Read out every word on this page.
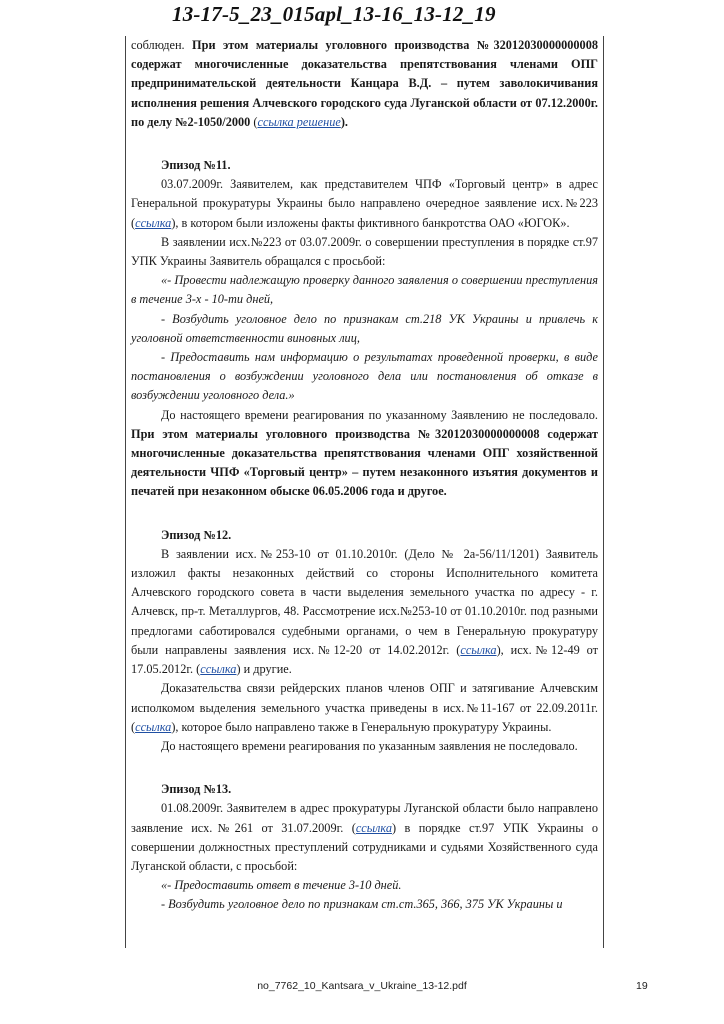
13-17-5_23_015apl_13-16_13-12_19

соблюден. При этом материалы уголовного производства №32012030000000008 содержат многочисленные доказательства препятствования членами ОПГ предпринимательской деятельности Канцара В.Д. – путем заволокичивания исполнения решения Алчевского городского суда Луганской области от 07.12.2000г. по делу №2-1050/2000 (ссылка решение).

Эпизод №11.

03.07.2009г. Заявителем, как представителем ЧПФ «Торговый центр» в адрес Генеральной прокуратуры Украины было направлено очередное заявление исх.№223 (ссылка), в котором были изложены факты фиктивного банкротства ОАО «ЮГОК».

В заявлении исх.№223 от 03.07.2009г. о совершении преступления в порядке ст.97 УПК Украины Заявитель обращался с просьбой:

«- Провести надлежащую проверку данного заявления о совершении преступления в течение 3-х - 10-ти дней,

- Возбудить уголовное дело по признакам ст.218 УК Украины и привлечь к уголовной ответственности виновных лиц,

- Предоставить нам информацию о результатах проведенной проверки, в виде постановления о возбуждении уголовного дела или постановления об отказе в возбуждении уголовного дела.»

До настоящего времени реагирования по указанному Заявлению не последовало. При этом материалы уголовного производства №32012030000000008 содержат многочисленные доказательства препятствования членами ОПГ хозяйственной деятельности ЧПФ «Торговый центр» – путем незаконного изъятия документов и печатей при незаконном обыске 06.05.2006 года и другое.

Эпизод №12.

В заявлении исх.№253-10 от 01.10.2010г. (Дело № 2а-56/11/1201) Заявитель изложил факты незаконных действий со стороны Исполнительного комитета Алчевского городского совета в части выделения земельного участка по адресу - г. Алчевск, пр-т. Металлургов, 48. Рассмотрение исх.№253-10 от 01.10.2010г. под разными предлогами саботировался судебными органами, о чем в Генеральную прокуратуру были направлены заявления исх.№12-20 от 14.02.2012г. (ссылка), исх.№12-49 от 17.05.2012г. (ссылка) и другие.

Доказательства связи рейдерских планов членов ОПГ и затягивание Алчевским исполкомом выделения земельного участка приведены в исх.№11-167 от 22.09.2011г. (ссылка), которое было направлено также в Генеральную прокуратуру Украины.

До настоящего времени реагирования по указанным заявления не последовало.

Эпизод №13.

01.08.2009г. Заявителем в адрес прокуратуры Луганской области было направлено заявление исх.№261 от 31.07.2009г. (ссылка) в порядке ст.97 УПК Украины о совершении должностных преступлений сотрудниками и судьями Хозяйственного суда Луганской области, с просьбой:

«- Предоставить ответ в течение 3-10 дней.

- Возбудить уголовное дело по признакам ст.ст.365, 366, 375 УК Украины и

no_7762_10_Kantsara_v_Ukraine_13-12.pdf	19
